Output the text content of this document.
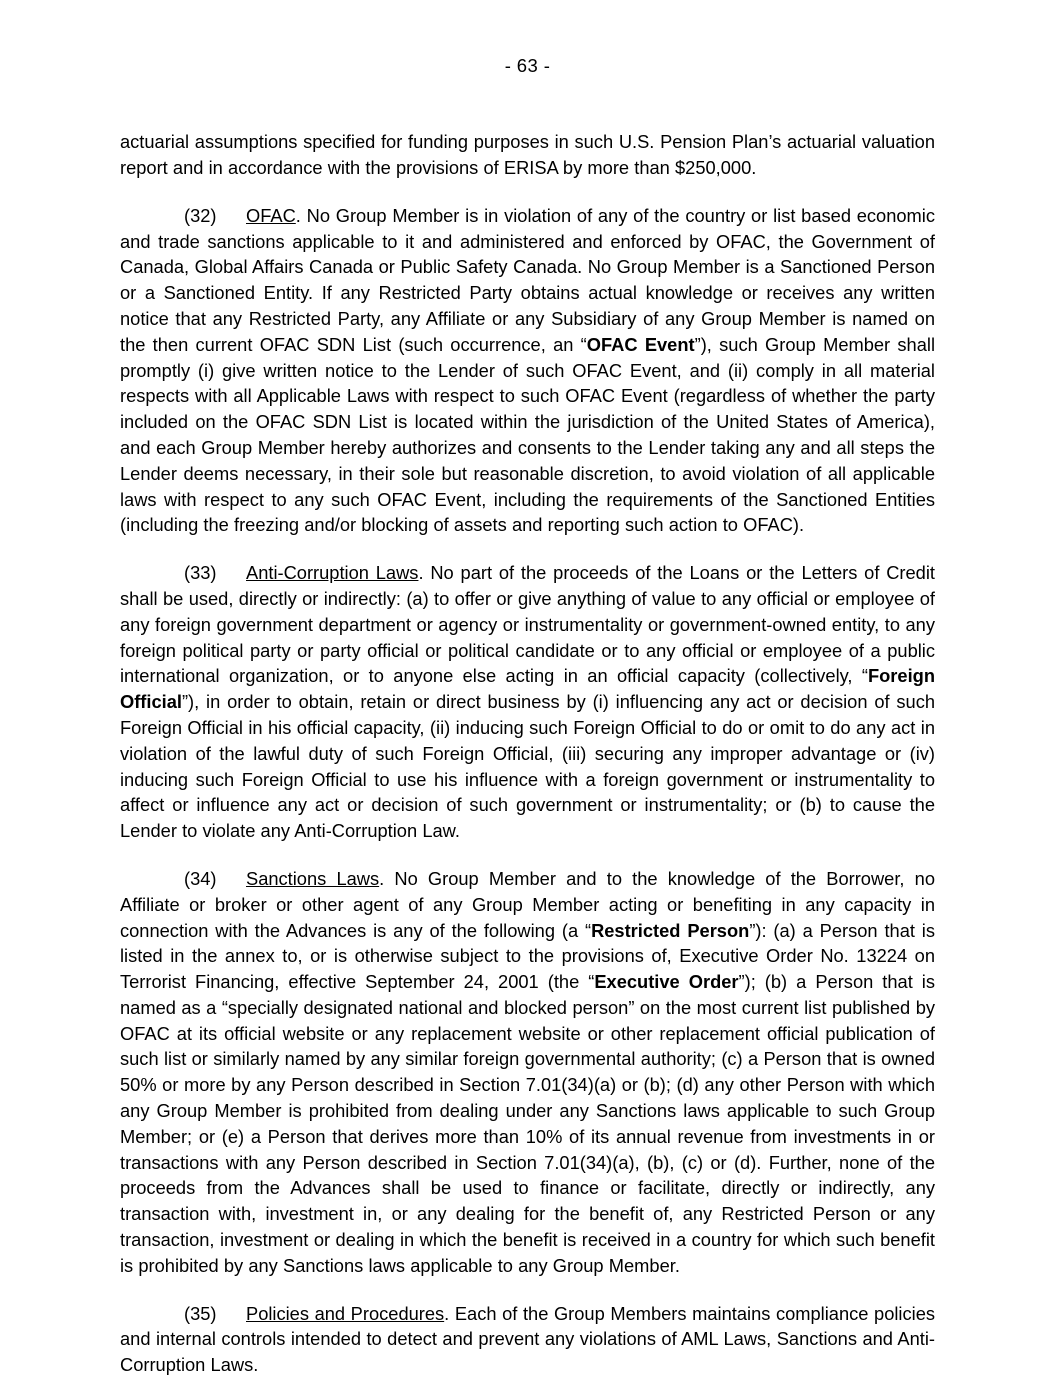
- 63 -

actuarial assumptions specified for funding purposes in such U.S. Pension Plan’s actuarial valuation report and in accordance with the provisions of ERISA by more than $250,000.

(32) OFAC. No Group Member is in violation of any of the country or list based economic and trade sanctions applicable to it and administered and enforced by OFAC, the Government of Canada, Global Affairs Canada or Public Safety Canada. No Group Member is a Sanctioned Person or a Sanctioned Entity. If any Restricted Party obtains actual knowledge or receives any written notice that any Restricted Party, any Affiliate or any Subsidiary of any Group Member is named on the then current OFAC SDN List (such occurrence, an “OFAC Event”), such Group Member shall promptly (i) give written notice to the Lender of such OFAC Event, and (ii) comply in all material respects with all Applicable Laws with respect to such OFAC Event (regardless of whether the party included on the OFAC SDN List is located within the jurisdiction of the United States of America), and each Group Member hereby authorizes and consents to the Lender taking any and all steps the Lender deems necessary, in their sole but reasonable discretion, to avoid violation of all applicable laws with respect to any such OFAC Event, including the requirements of the Sanctioned Entities (including the freezing and/or blocking of assets and reporting such action to OFAC).

(33) Anti-Corruption Laws. No part of the proceeds of the Loans or the Letters of Credit shall be used, directly or indirectly: (a) to offer or give anything of value to any official or employee of any foreign government department or agency or instrumentality or government-owned entity, to any foreign political party or party official or political candidate or to any official or employee of a public international organization, or to anyone else acting in an official capacity (collectively, “Foreign Official”), in order to obtain, retain or direct business by (i) influencing any act or decision of such Foreign Official in his official capacity, (ii) inducing such Foreign Official to do or omit to do any act in violation of the lawful duty of such Foreign Official, (iii) securing any improper advantage or (iv) inducing such Foreign Official to use his influence with a foreign government or instrumentality to affect or influence any act or decision of such government or instrumentality; or (b) to cause the Lender to violate any Anti-Corruption Law.

(34) Sanctions Laws. No Group Member and to the knowledge of the Borrower, no Affiliate or broker or other agent of any Group Member acting or benefiting in any capacity in connection with the Advances is any of the following (a “Restricted Person”): (a) a Person that is listed in the annex to, or is otherwise subject to the provisions of, Executive Order No. 13224 on Terrorist Financing, effective September 24, 2001 (the “Executive Order”); (b) a Person that is named as a “specially designated national and blocked person” on the most current list published by OFAC at its official website or any replacement website or other replacement official publication of such list or similarly named by any similar foreign governmental authority; (c) a Person that is owned 50% or more by any Person described in Section 7.01(34)(a) or (b); (d) any other Person with which any Group Member is prohibited from dealing under any Sanctions laws applicable to such Group Member; or (e) a Person that derives more than 10% of its annual revenue from investments in or transactions with any Person described in Section 7.01(34)(a), (b), (c) or (d). Further, none of the proceeds from the Advances shall be used to finance or facilitate, directly or indirectly, any transaction with, investment in, or any dealing for the benefit of, any Restricted Person or any transaction, investment or dealing in which the benefit is received in a country for which such benefit is prohibited by any Sanctions laws applicable to any Group Member.

(35) Policies and Procedures. Each of the Group Members maintains compliance policies and internal controls intended to detect and prevent any violations of AML Laws, Sanctions and Anti-Corruption Laws.
